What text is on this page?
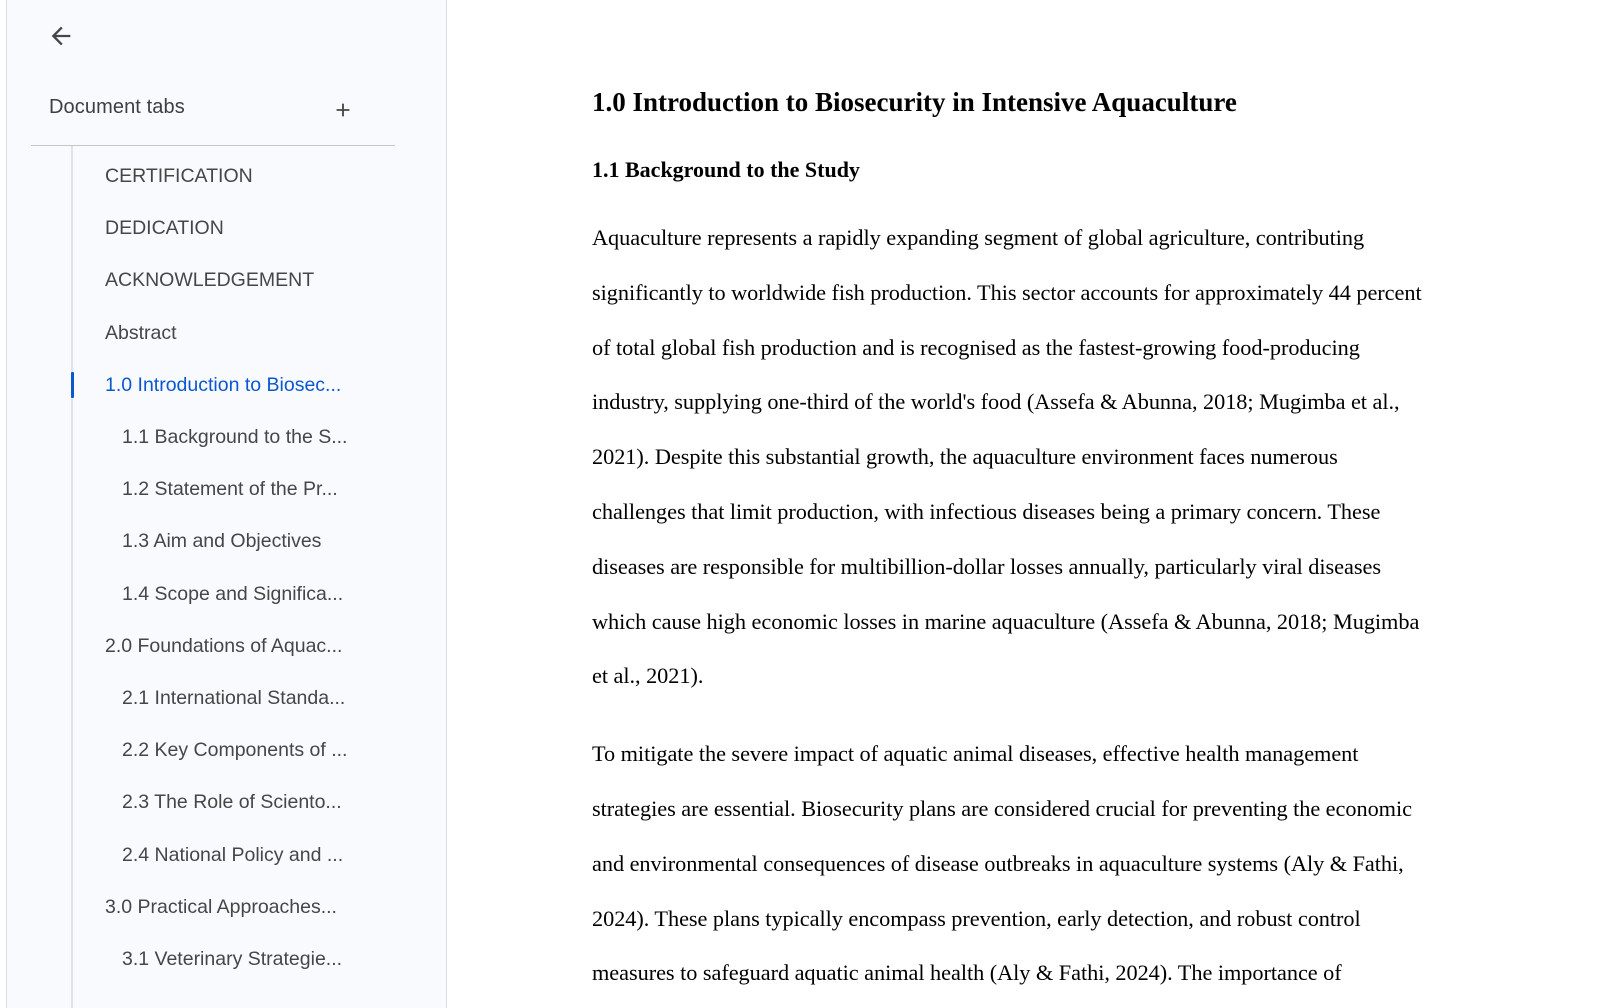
Document tabs
CERTIFICATION
DEDICATION
ACKNOWLEDGEMENT
Abstract
1.0 Introduction to Biosec...
1.1 Background to the S...
1.2 Statement of the Pr...
1.3 Aim and Objectives
1.4 Scope and Significa...
2.0 Foundations of Aquac...
2.1 International Standa...
2.2 Key Components of ...
2.3 The Role of Sciento...
2.4 National Policy and ...
3.0 Practical Approaches...
3.1 Veterinary Strategie...
1.0 Introduction to Biosecurity in Intensive Aquaculture
1.1 Background to the Study
Aquaculture represents a rapidly expanding segment of global agriculture, contributing
significantly to worldwide fish production. This sector accounts for approximately 44 percent
of total global fish production and is recognised as the fastest-growing food-producing
industry, supplying one-third of the world's food (Assefa & Abunna, 2018; Mugimba et al.,
2021). Despite this substantial growth, the aquaculture environment faces numerous
challenges that limit production, with infectious diseases being a primary concern. These
diseases are responsible for multibillion-dollar losses annually, particularly viral diseases
which cause high economic losses in marine aquaculture (Assefa & Abunna, 2018; Mugimba
et al., 2021).
To mitigate the severe impact of aquatic animal diseases, effective health management
strategies are essential. Biosecurity plans are considered crucial for preventing the economic
and environmental consequences of disease outbreaks in aquaculture systems (Aly & Fathi,
2024). These plans typically encompass prevention, early detection, and robust control
measures to safeguard aquatic animal health (Aly & Fathi, 2024). The importance of
